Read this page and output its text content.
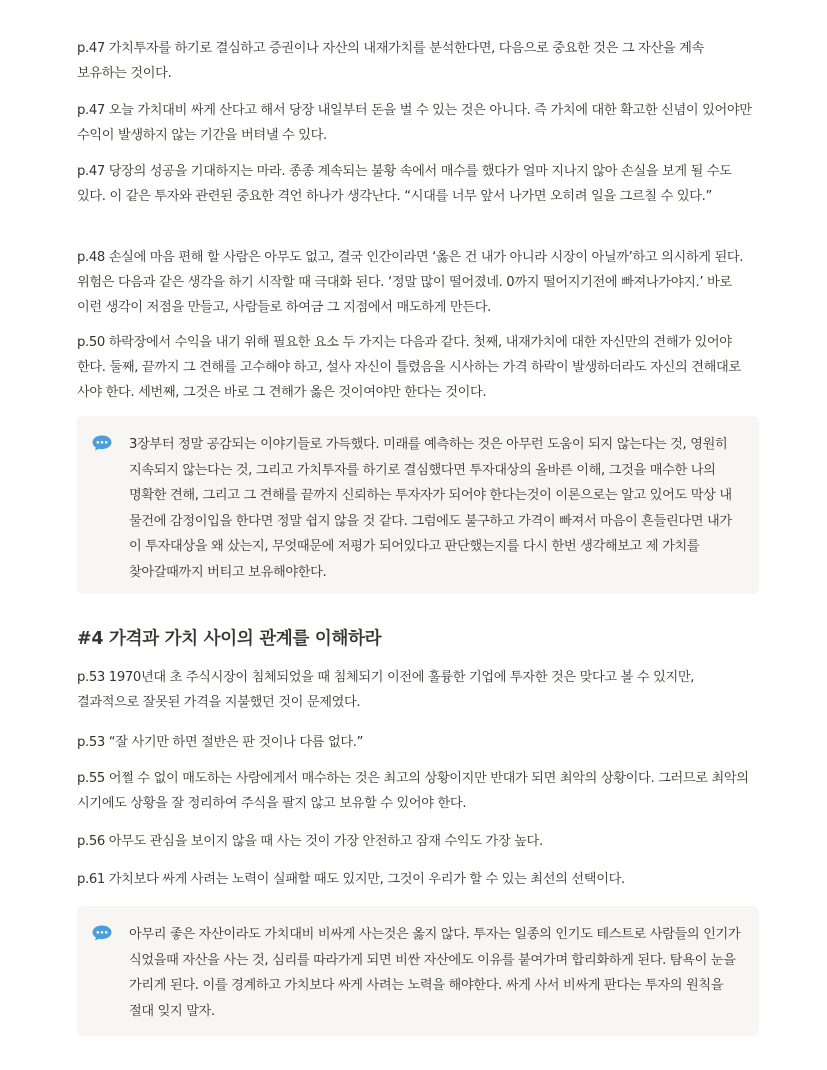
p.47 가치투자를 하기로 결심하고 증권이나 자산의 내재가치를 분석한다면, 다음으로 중요한 것은 그 자산을 계속 보유하는 것이다.

p.47 오늘 가치대비 싸게 산다고 해서 당장 내일부터 돈을 벌 수 있는 것은 아니다. 즉 가치에 대한 확고한 신념이 있어야만 수익이 발생하지 않는 기간을 버텨낼 수 있다.

p.47 당장의 성공을 기대하지는 마라. 종종 계속되는 불황 속에서 매수를 했다가 얼마 지나지 않아 손실을 보게 될 수도 있다. 이 같은 투자와 관련된 중요한 격언 하나가 생각난다. “시대를 너무 앞서 나가면 오히려 일을 그르칠 수 있다.”

p.48 손실에 마음 편해 할 사람은 아무도 없고, 결국 인간이라면 ‘옳은 건 내가 아니라 시장이 아닐까’하고 의시하게 된다. 위험은 다음과 같은 생각을 하기 시작할 때 극대화 된다. ‘정말 많이 떨어졌네. 0까지 떨어지기전에 빠져나가야지.’ 바로 이런 생각이 저점을 만들고, 사람들로 하여금 그 지점에서 매도하게 만든다.

p.50 하락장에서 수익을 내기 위해 필요한 요소 두 가지는 다음과 같다. 첫째, 내재가치에 대한 자신만의 견해가 있어야 한다. 둘째, 끝까지 그 견해를 고수해야 하고, 설사 자신이 틀렸음을 시사하는 가격 하락이 발생하더라도 자신의 견해대로 사야 한다. 세번째, 그것은 바로 그 견해가 옳은 것이여야만 한다는 것이다.

3장부터 정말 공감되는 이야기들로 가득했다. 미래를 예측하는 것은 아무런 도움이 되지 않는다는 것, 영원히 지속되지 않는다는 것, 그리고 가치투자를 하기로 결심했다면 투자대상의 올바른 이해, 그것을 매수한 나의 명확한 견해, 그리고 그 견해를 끝까지 신뢰하는 투자자가 되어야 한다는것이 이론으로는 알고 있어도 막상 내 물건에 감정이입을 한다면 정말 쉽지 않을 것 같다. 그럼에도 불구하고 가격이 빠져서 마음이 흔들린다면 내가 이 투자대상을 왜 샀는지, 무엇때문에 저평가 되어있다고 판단했는지를 다시 한번 생각해보고 제 가치를 찾아갈때까지 버티고 보유해야한다.

#4 가격과 가치 사이의 관계를 이해하라

p.53 1970년대 초 주식시장이 침체되었을 때 침체되기 이전에 훌륭한 기업에 투자한 것은 맞다고 볼 수 있지만, 결과적으로 잘못된 가격을 지불했던 것이 문제였다.

p.53 “잘 사기만 하면 절반은 판 것이나 다름 없다.”

p.55 어쩔 수 없이 매도하는 사람에게서 매수하는 것은 최고의 상황이지만 반대가 되면 최악의 상황이다. 그러므로 최악의 시기에도 상황을 잘 정리하여 주식을 팔지 않고 보유할 수 있어야 한다.

p.56 아무도 관심을 보이지 않을 때 사는 것이 가장 안전하고 잠재 수익도 가장 높다.

p.61 가치보다 싸게 사려는 노력이 실패할 때도 있지만, 그것이 우리가 할 수 있는 최선의 선택이다.

아무리 좋은 자산이라도 가치대비 비싸게 사는것은 옳지 않다. 투자는 일종의 인기도 테스트로 사람들의 인기가 식었을때 자산을 사는 것, 심리를 따라가게 되면 비싼 자산에도 이유를 붙여가며 합리화하게 된다. 탐욕이 눈을 가리게 된다. 이를 경계하고 가치보다 싸게 사려는 노력을 해야한다. 싸게 사서 비싸게 판다는 투자의 원칙을 절대 잊지 말자.
